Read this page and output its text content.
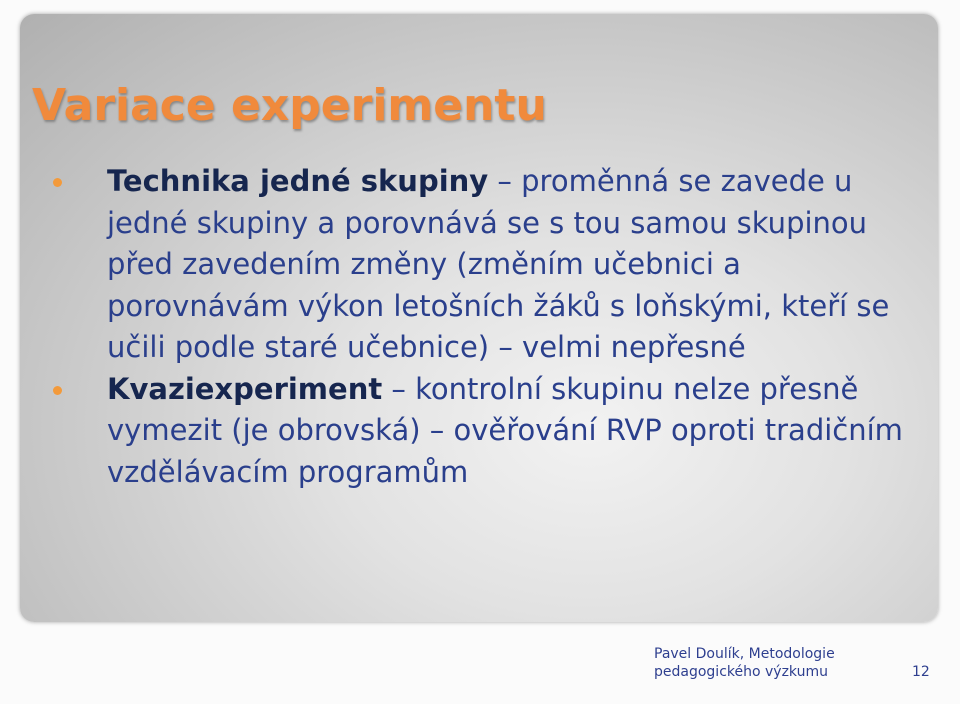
Variace experimentu
Technika jedné skupiny – proměnná se zavede u jedné skupiny a porovnává se s tou samou skupinou před zavedením změny (změním učebnici a porovnávám výkon letošních žáků s loňskými, kteří se učili podle staré učebnice) – velmi nepřesné
Kvaziexperiment – kontrolní skupinu nelze přesně vymezit (je obrovská) – ověřování RVP oproti tradičním vzdělávacím programům
Pavel Doulík, Metodologie
pedagogického výzkumu	12
